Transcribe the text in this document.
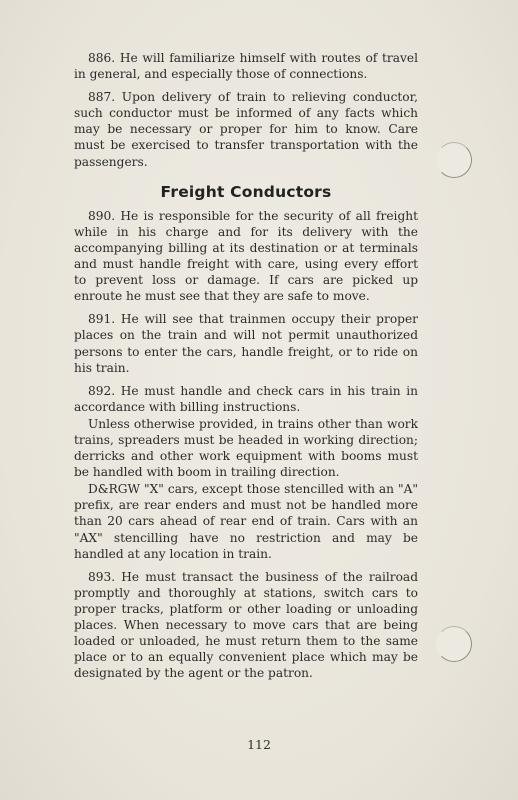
886. He will familiarize himself with routes of travel in general, and especially those of connections.

887. Upon delivery of train to relieving conductor, such conductor must be informed of any facts which may be necessary or proper for him to know. Care must be exercised to transfer transportation with the passengers.

Freight Conductors

890. He is responsible for the security of all freight while in his charge and for its delivery with the accompanying billing at its destination or at terminals and must handle freight with care, using every effort to prevent loss or damage. If cars are picked up enroute he must see that they are safe to move.

891. He will see that trainmen occupy their proper places on the train and will not permit unauthorized persons to enter the cars, handle freight, or to ride on his train.

892. He must handle and check cars in his train in accordance with billing instructions.

Unless otherwise provided, in trains other than work trains, spreaders must be headed in working direction; derricks and other work equipment with booms must be handled with boom in trailing direction.

D&RGW "X" cars, except those stencilled with an "A" prefix, are rear enders and must not be handled more than 20 cars ahead of rear end of train. Cars with an "AX" stencilling have no restriction and may be handled at any location in train.

893. He must transact the business of the railroad promptly and thoroughly at stations, switch cars to proper tracks, platform or other loading or unloading places. When necessary to move cars that are being loaded or unloaded, he must return them to the same place or to an equally convenient place which may be designated by the agent or the patron.

112
